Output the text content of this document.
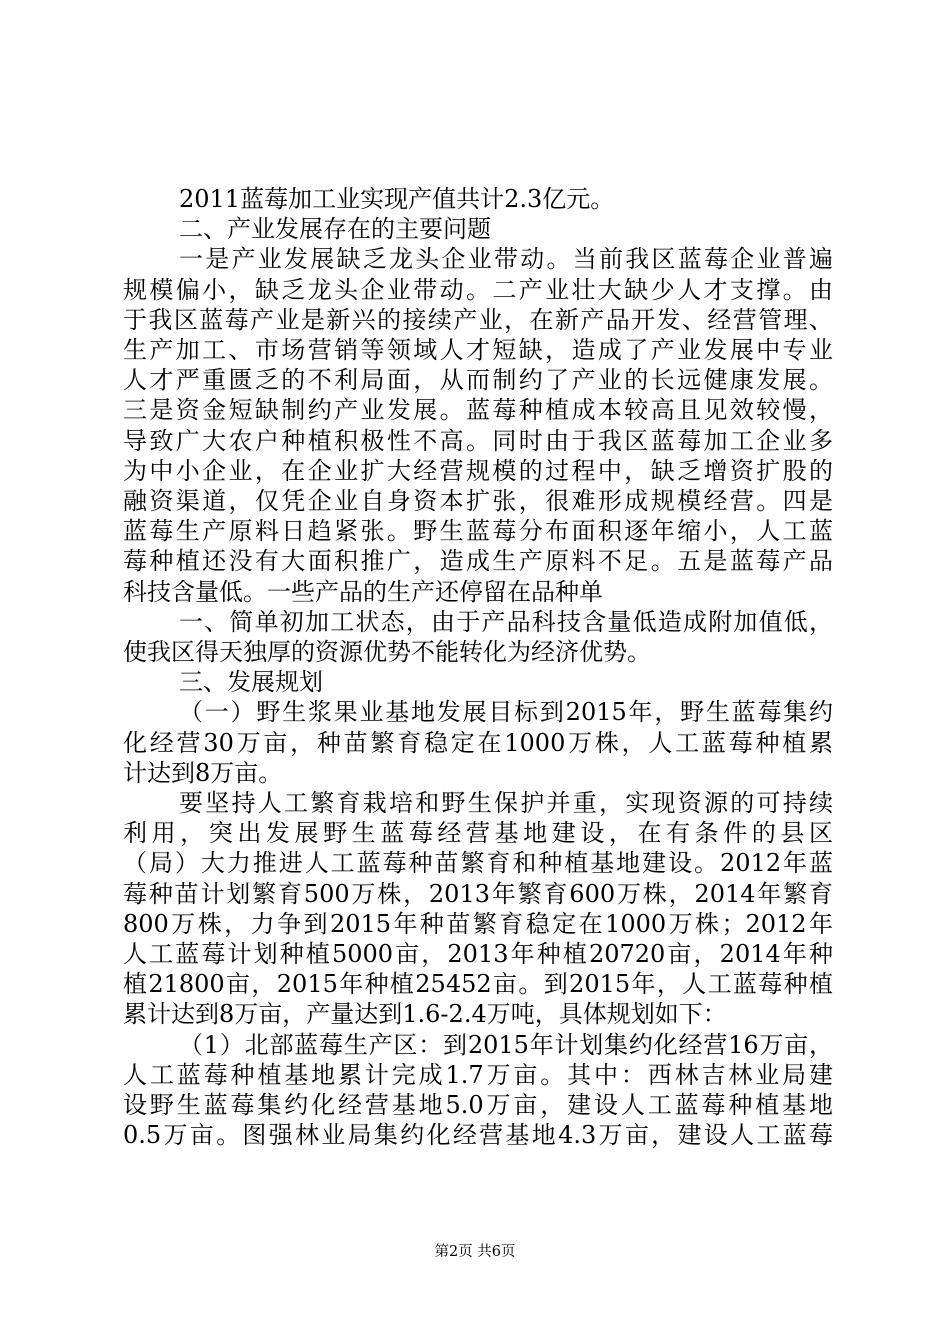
2011蓝莓加工业实现产值共计2.3亿元。
二、产业发展存在的主要问题
一是产业发展缺乏龙头企业带动。当前我区蓝莓企业普遍
规模偏小，缺乏龙头企业带动。二产业壮大缺少人才支撑。由
于我区蓝莓产业是新兴的接续产业，在新产品开发、经营管理、
生产加工、市场营销等领域人才短缺，造成了产业发展中专业
人才严重匮乏的不利局面，从而制约了产业的长远健康发展。
三是资金短缺制约产业发展。蓝莓种植成本较高且见效较慢，
导致广大农户种植积极性不高。同时由于我区蓝莓加工企业多
为中小企业，在企业扩大经营规模的过程中，缺乏增资扩股的
融资渠道，仅凭企业自身资本扩张，很难形成规模经营。四是
蓝莓生产原料日趋紧张。野生蓝莓分布面积逐年缩小，人工蓝
莓种植还没有大面积推广，造成生产原料不足。五是蓝莓产品
科技含量低。一些产品的生产还停留在品种单
一、简单初加工状态，由于产品科技含量低造成附加值低，
使我区得天独厚的资源优势不能转化为经济优势。
三、发展规划
（一）野生浆果业基地发展目标到2015年，野生蓝莓集约
化经营30万亩，种苗繁育稳定在1000万株，人工蓝莓种植累
计达到8万亩。
要坚持人工繁育栽培和野生保护并重，实现资源的可持续
利用，突出发展野生蓝莓经营基地建设，在有条件的县区
（局）大力推进人工蓝莓种苗繁育和种植基地建设。2012年蓝
莓种苗计划繁育500万株，2013年繁育600万株，2014年繁育
800万株，力争到2015年种苗繁育稳定在1000万株；2012年
人工蓝莓计划种植5000亩，2013年种植20720亩，2014年种
植21800亩，2015年种植25452亩。到2015年，人工蓝莓种植
累计达到8万亩，产量达到1.6-2.4万吨，具体规划如下：
（1）北部蓝莓生产区：到2015年计划集约化经营16万亩，
人工蓝莓种植基地累计完成1.7万亩。其中：西林吉林业局建
设野生蓝莓集约化经营基地5.0万亩，建设人工蓝莓种植基地
0.5万亩。图强林业局集约化经营基地4.3万亩，建设人工蓝莓
第2页 共6页
